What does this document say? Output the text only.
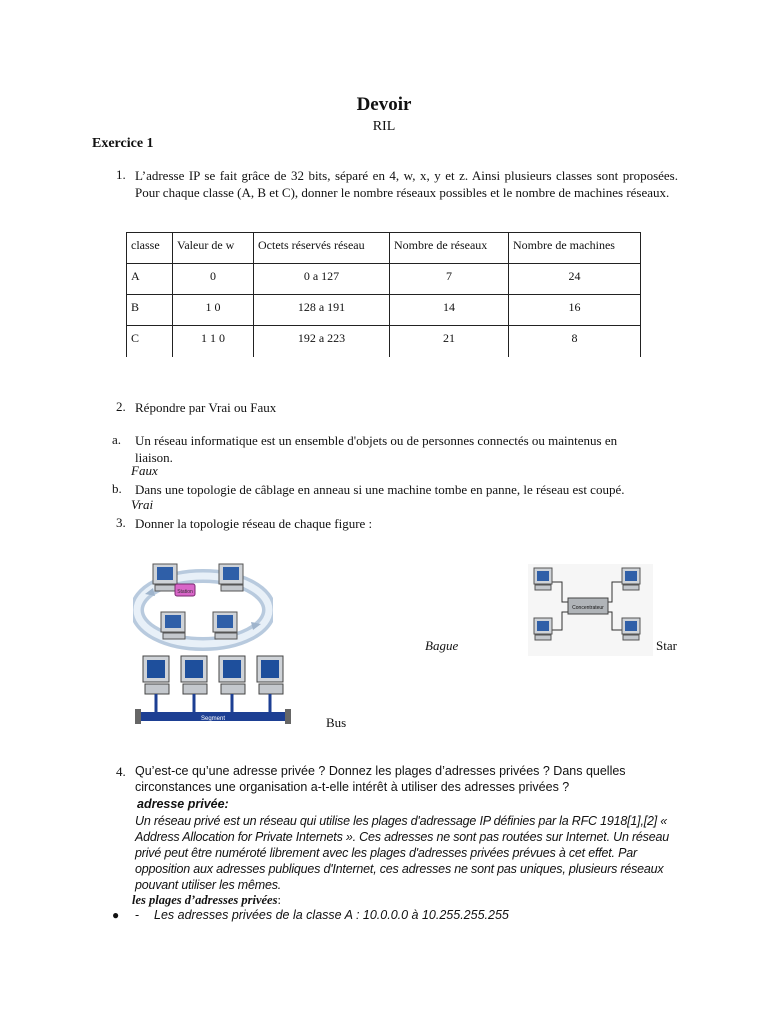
Devoir
RIL
Exercice 1
1. L’adresse IP se fait grâce de 32 bits, séparé en 4, w, x, y et z. Ainsi plusieurs classes sont proposées. Pour chaque classe (A, B et C), donner le nombre réseaux possibles et le nombre de machines réseaux.
classe	Valeur de w	Octets réservés réseau	Nombre de réseaux	Nombre de machines
A	0	0 a 127	7	24
B	1 0	128 a 191	14	16
C	1 1 0	192 a 223	21	8
2. Répondre par Vrai ou Faux
a. Un réseau informatique est un ensemble d'objets ou de personnes connectés ou maintenus en liaison.
Faux
b. Dans une topologie de câblage en anneau si une machine tombe en panne, le réseau est coupé.
Vrai
3. Donner la topologie réseau de chaque figure :
Station
Concentrateur
Bague	Star
Segment	Bus
4. Qu’est-ce qu’une adresse privée ? Donnez les plages d’adresses privées ? Dans quelles circonstances une organisation a-t-elle intérêt à utiliser des adresses privées ?
adresse privée:
Un réseau privé est un réseau qui utilise les plages d'adressage IP définies par la RFC 1918[1],[2] « Address Allocation for Private Internets ». Ces adresses ne sont pas routées sur Internet. Un réseau privé peut être numéroté librement avec les plages d'adresses privées prévues à cet effet. Par opposition aux adresses publiques d'Internet, ces adresses ne sont pas uniques, plusieurs réseaux pouvant utiliser les mêmes.
les plages d’adresses privées:
● - Les adresses privées de la classe A : 10.0.0.0 à 10.255.255.255
